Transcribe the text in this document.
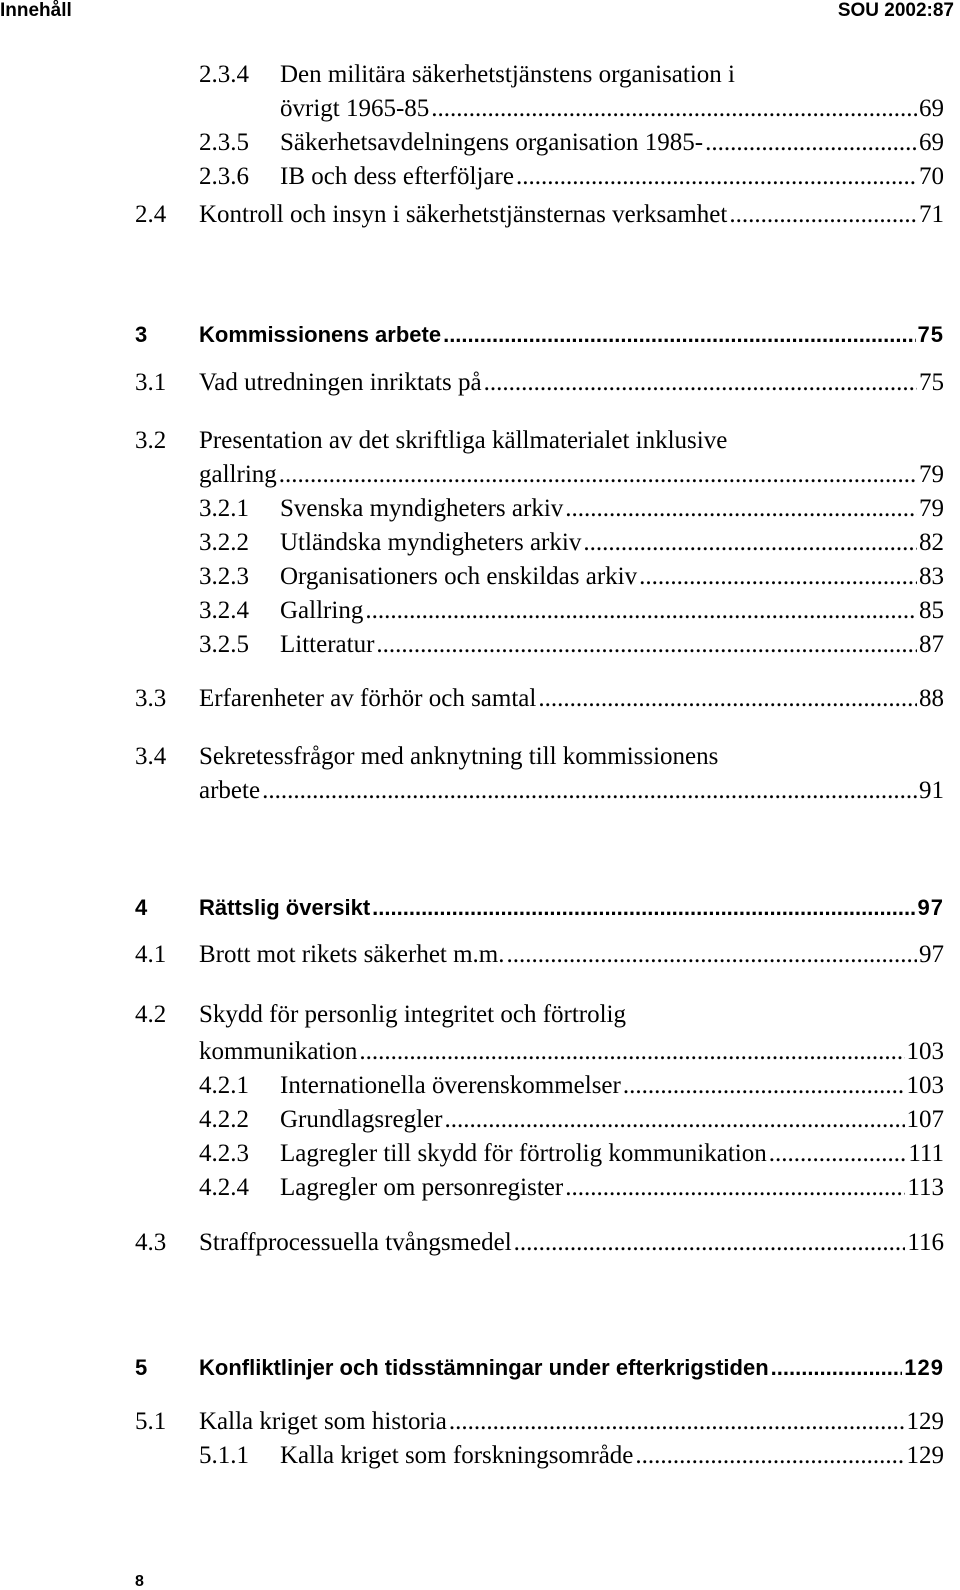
Innehåll	SOU 2002:87
2.3.4 Den militära säkerhetstjänstens organisation i
övrigt 1965-85 .....	69
2.3.5 Säkerhetsavdelningens organisation 1985- .....	69
2.3.6 IB och dess efterföljare .....	70
2.4 Kontroll och insyn i säkerhetstjänsternas verksamhet .....	71
3 Kommissionens arbete .....	75
3.1 Vad utredningen inriktats på .....	75
3.2 Presentation av det skriftliga källmaterialet inklusive
gallring .....	79
3.2.1 Svenska myndigheters arkiv .....	79
3.2.2 Utländska myndigheters arkiv .....	82
3.2.3 Organisationers och enskildas arkiv .....	83
3.2.4 Gallring .....	85
3.2.5 Litteratur .....	87
3.3 Erfarenheter av förhör och samtal .....	88
3.4 Sekretessfrågor med anknytning till kommissionens
arbete .....	91
4 Rättslig översikt .....	97
4.1 Brott mot rikets säkerhet m.m. .....	97
4.2 Skydd för personlig integritet och förtrolig
kommunikation .....	103
4.2.1 Internationella överenskommelser .....	103
4.2.2 Grundlagsregler .....	107
4.2.3 Lagregler till skydd för förtrolig kommunikation .....	111
4.2.4 Lagregler om personregister .....	113
4.3 Straffprocessuella tvångsmedel .....	116
5 Konfliktlinjer och tidsstämningar under efterkrigstiden .....	129
5.1 Kalla kriget som historia .....	129
5.1.1 Kalla kriget som forskningsområde .....	129
8
